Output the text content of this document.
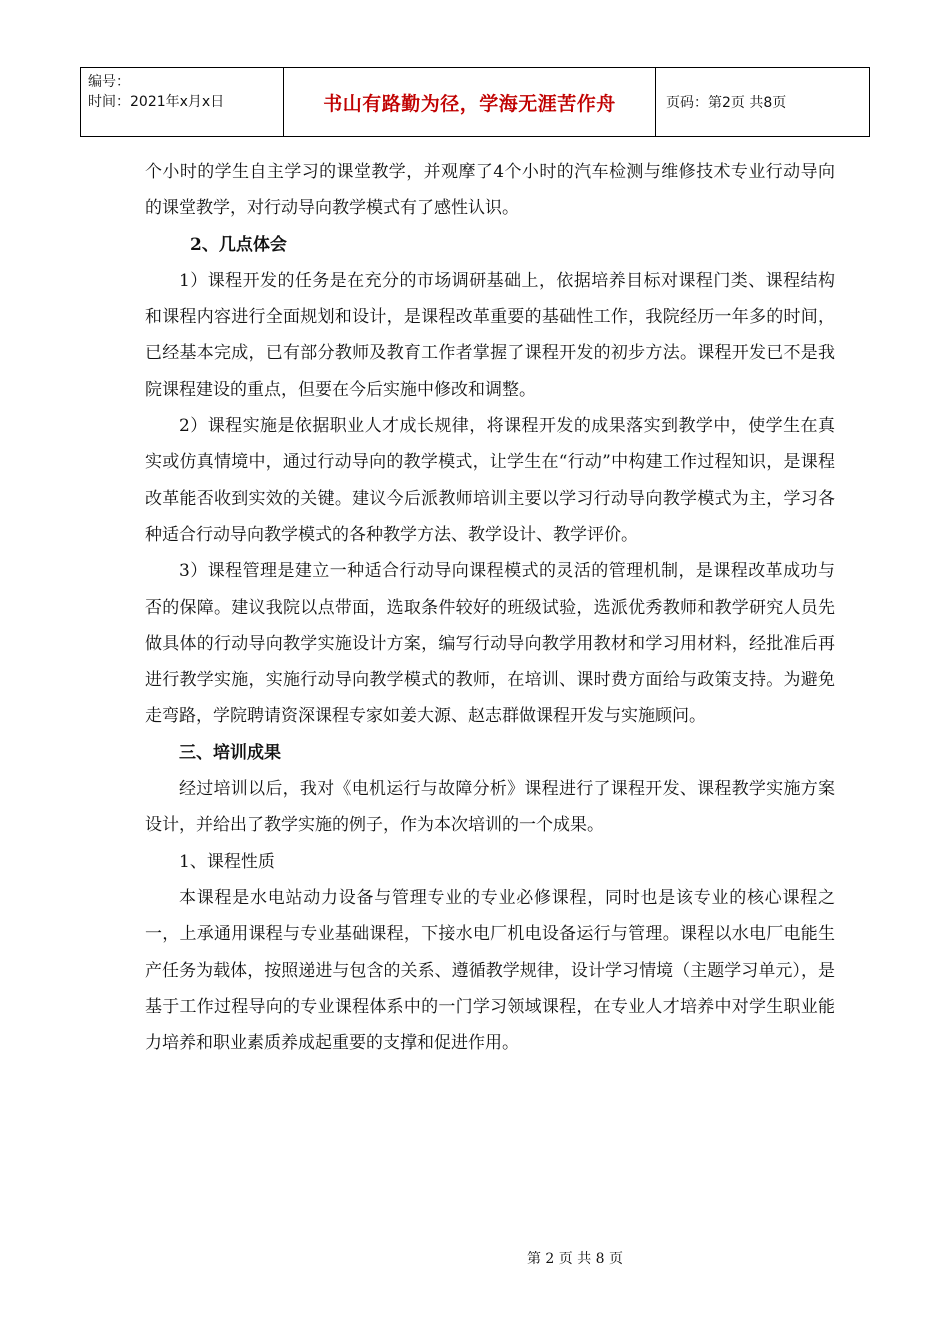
编号：
时间：2021年x月x日	书山有路勤为径，学海无涯苦作舟	页码：第2页 共8页

个小时的学生自主学习的课堂教学，并观摩了4个小时的汽车检测与维修技术专业行动导向的课堂教学，对行动导向教学模式有了感性认识。

2、几点体会

1）课程开发的任务是在充分的市场调研基础上，依据培养目标对课程门类、课程结构和课程内容进行全面规划和设计，是课程改革重要的基础性工作，我院经历一年多的时间，已经基本完成，已有部分教师及教育工作者掌握了课程开发的初步方法。课程开发已不是我院课程建设的重点，但要在今后实施中修改和调整。

2）课程实施是依据职业人才成长规律，将课程开发的成果落实到教学中，使学生在真实或仿真情境中，通过行动导向的教学模式，让学生在“行动”中构建工作过程知识，是课程改革能否收到实效的关键。建议今后派教师培训主要以学习行动导向教学模式为主，学习各种适合行动导向教学模式的各种教学方法、教学设计、教学评价。

3）课程管理是建立一种适合行动导向课程模式的灵活的管理机制，是课程改革成功与否的保障。建议我院以点带面，选取条件较好的班级试验，选派优秀教师和教学研究人员先做具体的行动导向教学实施设计方案，编写行动导向教学用教材和学习用材料，经批准后再进行教学实施，实施行动导向教学模式的教师，在培训、课时费方面给与政策支持。为避免走弯路，学院聘请资深课程专家如姜大源、赵志群做课程开发与实施顾问。

三、培训成果

经过培训以后，我对《电机运行与故障分析》课程进行了课程开发、课程教学实施方案设计，并给出了教学实施的例子，作为本次培训的一个成果。

1、课程性质

本课程是水电站动力设备与管理专业的专业必修课程，同时也是该专业的核心课程之一，上承通用课程与专业基础课程，下接水电厂机电设备运行与管理。课程以水电厂电能生产任务为载体，按照递进与包含的关系、遵循教学规律，设计学习情境（主题学习单元），是基于工作过程导向的专业课程体系中的一门学习领域课程，在专业人才培养中对学生职业能力培养和职业素质养成起重要的支撑和促进作用。

第 2 页 共 8 页
